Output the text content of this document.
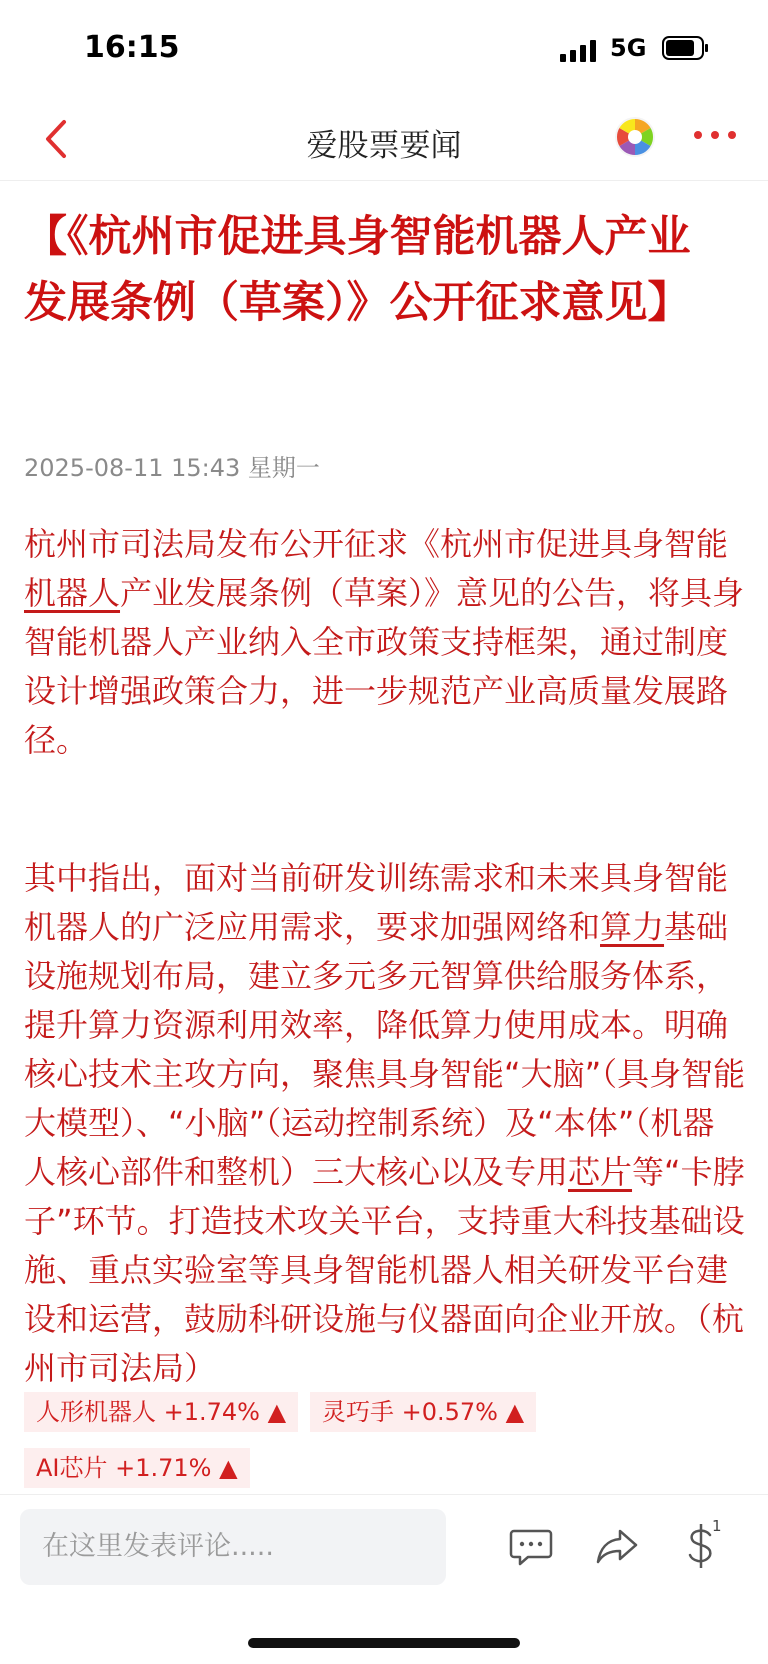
16:15	5G
爱股票要闻
【《杭州市促进具身智能机器人产业发展条例（草案）》公开征求意见】
2025-08-11 15:43 星期一

杭州市司法局发布公开征求《杭州市促进具身智能机器人产业发展条例（草案）》意见的公告，将具身智能机器人产业纳入全市政策支持框架，通过制度设计增强政策合力，进一步规范产业高质量发展路径。

其中指出，面对当前研发训练需求和未来具身智能机器人的广泛应用需求，要求加强网络和算力基础设施规划布局，建立多元多元智算供给服务体系，提升算力资源利用效率，降低算力使用成本。明确核心技术主攻方向，聚焦具身智能“大脑”（具身智能大模型）、“小脑”（运动控制系统）及“本体”（机器人核心部件和整机）三大核心以及专用芯片等“卡脖子”环节。打造技术攻关平台，支持重大科技基础设施、重点实验室等具身智能机器人相关研发平台建设和运营，鼓励科研设施与仪器面向企业开放。（杭州市司法局）

人形机器人 +1.74% ▲	灵巧手 +0.57% ▲
AI芯片 +1.71% ▲
在这里发表评论.....
1
